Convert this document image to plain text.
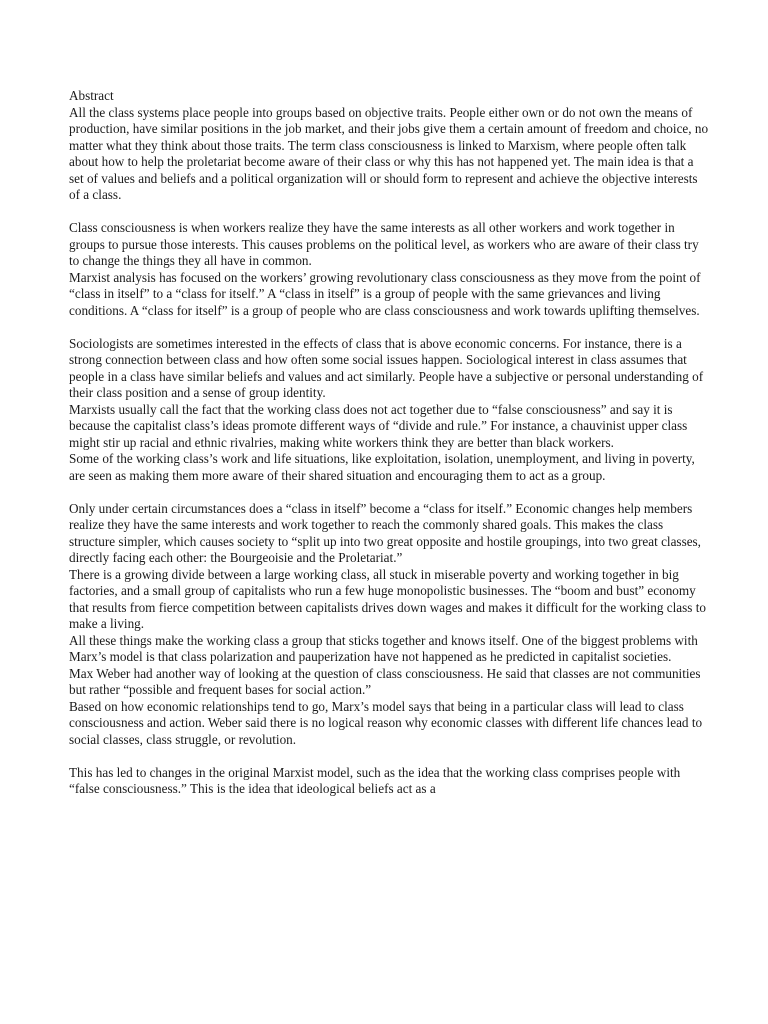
Abstract

All the class systems place people into groups based on objective traits. People either own or do not own the means of production, have similar positions in the job market, and their jobs give them a certain amount of freedom and choice, no matter what they think about those traits. The term class consciousness is linked to Marxism, where people often talk about how to help the proletariat become aware of their class or why this has not happened yet. The main idea is that a set of values and beliefs and a political organization will or should form to represent and achieve the objective interests of a class.

Class consciousness is when workers realize they have the same interests as all other workers and work together in groups to pursue those interests. This causes problems on the political level, as workers who are aware of their class try to change the things they all have in common.

Marxist analysis has focused on the workers’ growing revolutionary class consciousness as they move from the point of “class in itself” to a “class for itself.” A “class in itself” is a group of people with the same grievances and living conditions. A “class for itself” is a group of people who are class consciousness and work towards uplifting themselves.

Sociologists are sometimes interested in the effects of class that is above economic concerns. For instance, there is a strong connection between class and how often some social issues happen. Sociological interest in class assumes that people in a class have similar beliefs and values and act similarly. People have a subjective or personal understanding of their class position and a sense of group identity.

Marxists usually call the fact that the working class does not act together due to “false consciousness” and say it is because the capitalist class’s ideas promote different ways of “divide and rule.” For instance, a chauvinist upper class might stir up racial and ethnic rivalries, making white workers think they are better than black workers.

Some of the working class’s work and life situations, like exploitation, isolation, unemployment, and living in poverty, are seen as making them more aware of their shared situation and encouraging them to act as a group.

Only under certain circumstances does a “class in itself” become a “class for itself.” Economic changes help members realize they have the same interests and work together to reach the commonly shared goals. This makes the class structure simpler, which causes society to “split up into two great opposite and hostile groupings, into two great classes, directly facing each other: the Bourgeoisie and the Proletariat.”

There is a growing divide between a large working class, all stuck in miserable poverty and working together in big factories, and a small group of capitalists who run a few huge monopolistic businesses. The “boom and bust” economy that results from fierce competition between capitalists drives down wages and makes it difficult for the working class to make a living.

All these things make the working class a group that sticks together and knows itself. One of the biggest problems with Marx’s model is that class polarization and pauperization have not happened as he predicted in capitalist societies.

Max Weber had another way of looking at the question of class consciousness. He said that classes are not communities but rather “possible and frequent bases for social action.”

Based on how economic relationships tend to go, Marx’s model says that being in a particular class will lead to class consciousness and action. Weber said there is no logical reason why economic classes with different life chances lead to social classes, class struggle, or revolution.

This has led to changes in the original Marxist model, such as the idea that the working class comprises people with “false consciousness.” This is the idea that ideological beliefs act as a
